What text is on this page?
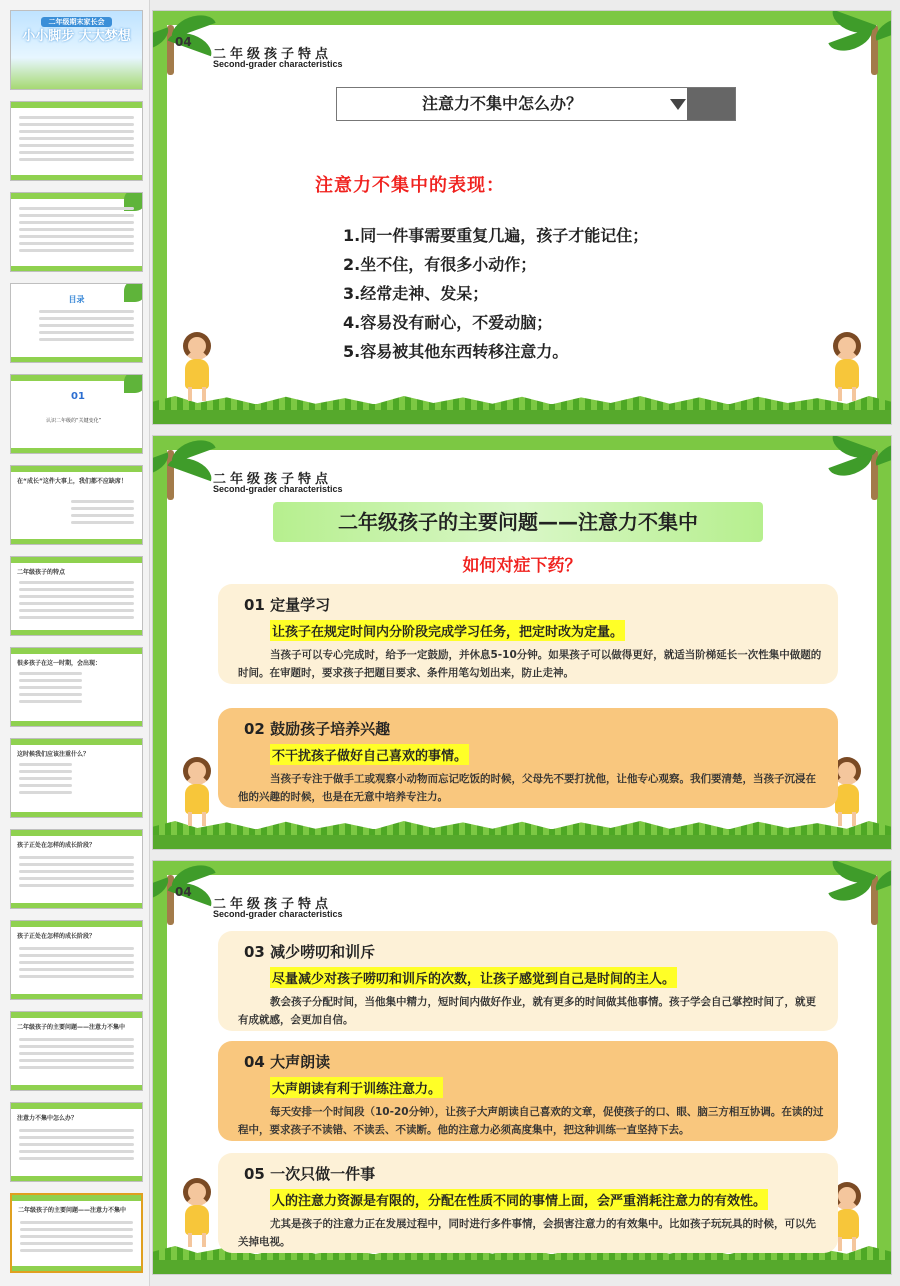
二年级期末家长会
小小脚步 大大梦想
目录
01
认识二年级的“关键变化”
在“成长”这件大事上，我们都不应缺席！
二年级孩子的特点
很多孩子在这一时期，会出现：
这时候我们应该注重什么？
孩子正处在怎样的成长阶段？
孩子正处在怎样的成长阶段？
二年级孩子的主要问题——注意力不集中
注意力不集中怎么办？
二年级孩子的主要问题——注意力不集中
04
二年级孩子特点
Second-grader characteristics
注意力不集中怎么办？
注意力不集中的表现：
1.同一件事需要重复几遍，孩子才能记住；
2.坐不住，有很多小动作；
3.经常走神、发呆；
4.容易没有耐心，不爱动脑；
5.容易被其他东西转移注意力。
二年级孩子特点
Second-grader characteristics
二年级孩子的主要问题——注意力不集中
如何对症下药？
01 定量学习
让孩子在规定时间内分阶段完成学习任务，把定时改为定量。
当孩子可以专心完成时，给予一定鼓励，并休息5-10分钟。如果孩子可以做得更好，就适当阶梯延长一次性集中做题的时间。在审题时，要求孩子把题目要求、条件用笔勾划出来，防止走神。
02 鼓励孩子培养兴趣
不干扰孩子做好自己喜欢的事情。
当孩子专注于做手工或观察小动物而忘记吃饭的时候，父母先不要打扰他，让他专心观察。我们要清楚，当孩子沉浸在他的兴趣的时候，也是在无意中培养专注力。
04
二年级孩子特点
Second-grader characteristics
03 减少唠叨和训斥
尽量减少对孩子唠叨和训斥的次数，让孩子感觉到自己是时间的主人。
教会孩子分配时间，当他集中精力，短时间内做好作业，就有更多的时间做其他事情。孩子学会自己掌控时间了，就更有成就感，会更加自信。
04 大声朗读
大声朗读有利于训练注意力。
每天安排一个时间段（10-20分钟），让孩子大声朗读自己喜欢的文章，促使孩子的口、眼、脑三方相互协调。在读的过程中，要求孩子不读错、不读丢、不读断。他的注意力必须高度集中，把这种训练一直坚持下去。
05 一次只做一件事
人的注意力资源是有限的，分配在性质不同的事情上面，会严重消耗注意力的有效性。
尤其是孩子的注意力正在发展过程中，同时进行多件事情，会损害注意力的有效集中。比如孩子玩玩具的时候，可以先关掉电视。
